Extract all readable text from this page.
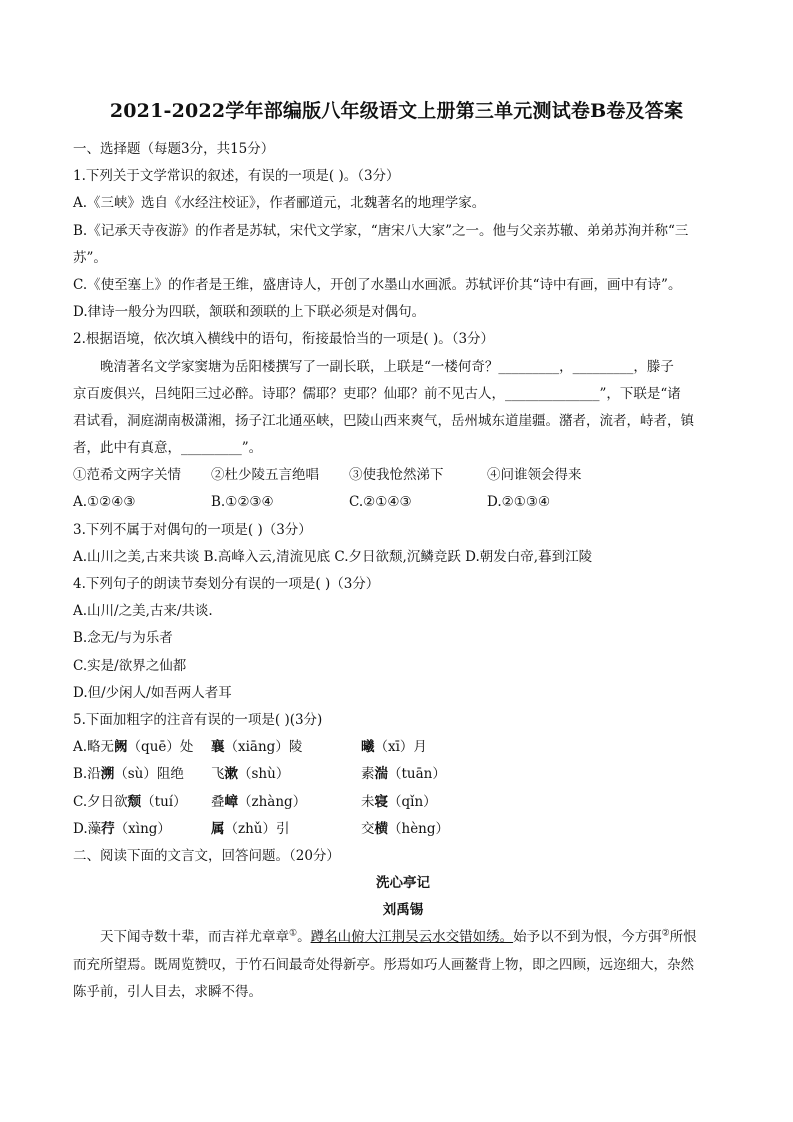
2021-2022学年部编版八年级语文上册第三单元测试卷B卷及答案
一、选择题（每题3分，共15分）
1.下列关于文学常识的叙述，有误的一项是( )。（3分）
A.《三峡》选自《水经注校证》，作者郦道元，北魏著名的地理学家。
B.《记承天寺夜游》的作者是苏轼，宋代文学家，“唐宋八大家”之一。他与父亲苏辙、弟弟苏洵并称“三
苏”。
C.《使至塞上》的作者是王维，盛唐诗人，开创了水墨山水画派。苏轼评价其“诗中有画，画中有诗”。
D.律诗一般分为四联，颔联和颈联的上下联必须是对偶句。
2.根据语境，依次填入横线中的语句，衔接最恰当的一项是( )。（3分）
晚清著名文学家窦塘为岳阳楼撰写了一副长联，上联是“一楼何奇？_________，_________，滕子
京百废俱兴，吕纯阳三过必醉。诗耶？儒耶？吏耶？仙耶？前不见古人，______________”，下联是“诸
君试看，洞庭湖南极潇湘，扬子江北通巫峡，巴陵山西来爽气，岳州城东道崖疆。潴者，流者，峙者，镇
者，此中有真意，_________”。
①范希文两字关情	②杜少陵五言绝唱	③使我怆然涕下	④问谁领会得来
A.①②④③	B.①②③④	C.②①④③	D.②①③④
3.下列不属于对偶句的一项是( )（3分）
A.山川之美,古来共谈 B.高峰入云,清流见底 C.夕日欲颓,沉鳞竞跃 D.朝发白帝,暮到江陵
4.下列句子的朗读节奏划分有误的一项是( )（3分）
A.山川/之美,古来/共谈.
B.念无/与为乐者
C.实是/欲界之仙都
D.但/少闲人/如吾两人者耳
5.下面加粗字的注音有误的一项是( )(3分)
A.略无阙（quē）处	襄（xiāng）陵	曦（xī）月
B.沿溯（sù）阻绝	飞漱（shù）	素湍（tuān）
C.夕日欲颓（tuí）	叠嶂（zhàng）	未寝（qǐn）
D.藻荇（xìng）	属（zhǔ）引	交横（hèng）
二、阅读下面的文言文，回答问题。（20分）
洗心亭记
刘禹锡
天下闻寺数十辈，而吉祥尤章章①。蹲名山俯大江荆吴云水交错如绣。始予以不到为恨，今方弭②所恨
而充所望焉。既周览赞叹，于竹石间最奇处得新亭。彤焉如巧人画鳌背上物，即之四顾，远迩细大，杂然
陈乎前，引人目去，求瞬不得。
